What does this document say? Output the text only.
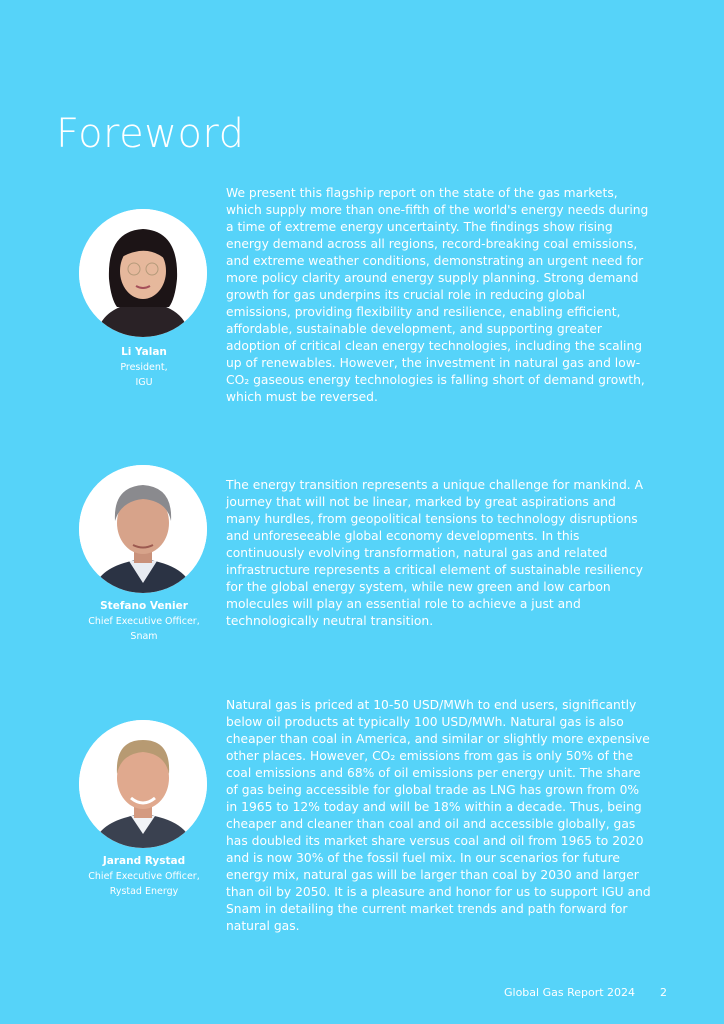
Foreword
Li Yalan
President,
IGU

We present this flagship report on the state of the gas markets, which supply more than one-fifth of the world's energy needs during a time of extreme energy uncertainty. The findings show rising energy demand across all regions, record-breaking coal emissions, and extreme weather conditions, demonstrating an urgent need for more policy clarity around energy supply planning. Strong demand growth for gas underpins its crucial role in reducing global emissions, providing flexibility and resilience, enabling efficient, affordable, sustainable development, and supporting greater adoption of critical clean energy technologies, including the scaling up of renewables. However, the investment in natural gas and low-CO₂ gaseous energy technologies is falling short of demand growth, which must be reversed.

Stefano Venier
Chief Executive Officer,
Snam

The energy transition represents a unique challenge for mankind. A journey that will not be linear, marked by great aspirations and many hurdles, from geopolitical tensions to technology disruptions and unforeseeable global economy developments. In this continuously evolving transformation, natural gas and related infrastructure represents a critical element of sustainable resiliency for the global energy system, while new green and low carbon molecules will play an essential role to achieve a just and technologically neutral transition.

Jarand Rystad
Chief Executive Officer,
Rystad Energy

Natural gas is priced at 10-50 USD/MWh to end users, significantly below oil products at typically 100 USD/MWh. Natural gas is also cheaper than coal in America, and similar or slightly more expensive other places. However, CO₂ emissions from gas is only 50% of the coal emissions and 68% of oil emissions per energy unit. The share of gas being accessible for global trade as LNG has grown from 0% in 1965 to 12% today and will be 18% within a decade. Thus, being cheaper and cleaner than coal and oil and accessible globally, gas has doubled its market share versus coal and oil from 1965 to 2020 and is now 30% of the fossil fuel mix. In our scenarios for future energy mix, natural gas will be larger than coal by 2030 and larger than oil by 2050. It is a pleasure and honor for us to support IGU and Snam in detailing the current market trends and path forward for natural gas.

Global Gas Report 2024 2
